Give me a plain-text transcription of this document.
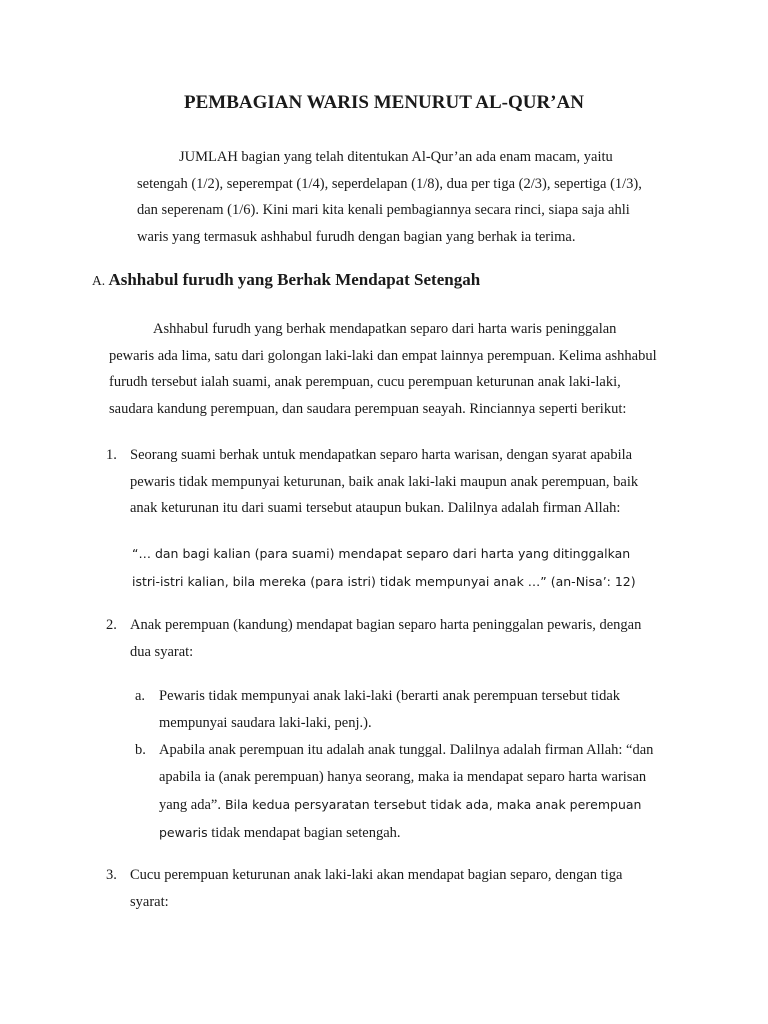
PEMBAGIAN WARIS MENURUT AL-QUR’AN

JUMLAH bagian yang telah ditentukan Al-Qur’an ada enam macam, yaitu setengah (1/2), seperempat (1/4), seperdelapan (1/8), dua per tiga (2/3), sepertiga (1/3), dan seperenam (1/6). Kini mari kita kenali pembagiannya secara rinci, siapa saja ahli waris yang termasuk ashhabul furudh dengan bagian yang berhak ia terima.

A. Ashhabul furudh yang Berhak Mendapat Setengah

Ashhabul furudh yang berhak mendapatkan separo dari harta waris peninggalan pewaris ada lima, satu dari golongan laki-laki dan empat lainnya perempuan. Kelima ashhabul furudh tersebut ialah suami, anak perempuan, cucu perempuan keturunan anak laki-laki, saudara kandung perempuan, dan saudara perempuan seayah. Rinciannya seperti berikut:

1. Seorang suami berhak untuk mendapatkan separo harta warisan, dengan syarat apabila pewaris tidak mempunyai keturunan, baik anak laki-laki maupun anak perempuan, baik anak keturunan itu dari suami tersebut ataupun bukan. Dalilnya adalah firman Allah:

“… dan bagi kalian (para suami) mendapat separo dari harta yang ditinggalkan istri-istri kalian, bila mereka (para istri) tidak mempunyai anak …” (an-Nisa’: 12)

2. Anak perempuan (kandung) mendapat bagian separo harta peninggalan pewaris, dengan dua syarat:
a. Pewaris tidak mempunyai anak laki-laki (berarti anak perempuan tersebut tidak mempunyai saudara laki-laki, penj.).
b. Apabila anak perempuan itu adalah anak tunggal. Dalilnya adalah firman Allah: “dan apabila ia (anak perempuan) hanya seorang, maka ia mendapat separo harta warisan yang ada”. Bila kedua persyaratan tersebut tidak ada, maka anak perempuan pewaris tidak mendapat bagian setengah.
3. Cucu perempuan keturunan anak laki-laki akan mendapat bagian separo, dengan tiga syarat:
